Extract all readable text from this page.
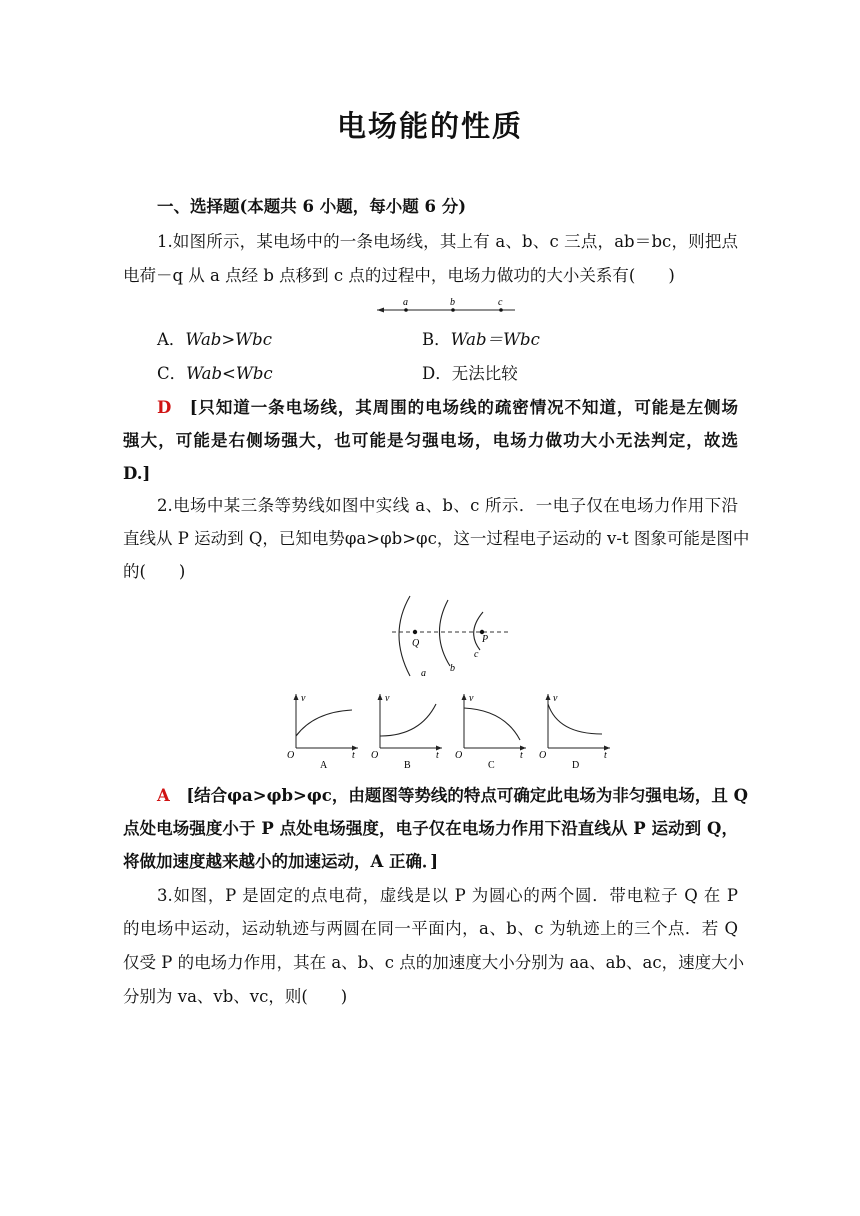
电场能的性质
一、选择题(本题共 6 小题，每小题 6 分)
1.如图所示，某电场中的一条电场线，其上有 a、b、c 三点，ab＝bc，则把点
电荷－q 从 a 点经 b 点移到 c 点的过程中，电场力做功的大小关系有(　　)
a	b	c
A．Wab>Wbc	B．Wab＝Wbc
C．Wab<Wbc	D．无法比较
D　 [只知道一条电场线，其周围的电场线的疏密情况不知道，可能是左侧场
强大，可能是右侧场强大，也可能是匀强电场，电场力做功大小无法判定，故选
D.]
2.电场中某三条等势线如图中实线 a、b、c 所示．一电子仅在电场力作用下沿
直线从 P 运动到 Q，已知电势φa>φb>φc，这一过程电子运动的 v-t 图象可能是图中
的(　　)
Q	P
a b
c
v
t
O
A
v
t
O
B
v
t
O
C
v
t
O
D
A　 [结合φa>φb>φc，由题图等势线的特点可确定此电场为非匀强电场，且 Q
点处电场强度小于 P 点处电场强度，电子仅在电场力作用下沿直线从 P 运动到 Q，
将做加速度越来越小的加速运动，A 正确．]
3.如图，P 是固定的点电荷，虚线是以 P 为圆心的两个圆．带电粒子 Q 在 P
的电场中运动，运动轨迹与两圆在同一平面内，a、b、c 为轨迹上的三个点．若 Q
仅受 P 的电场力作用，其在 a、b、c 点的加速度大小分别为 aa、ab、ac，速度大小
分别为 va、vb、vc，则(　　)
